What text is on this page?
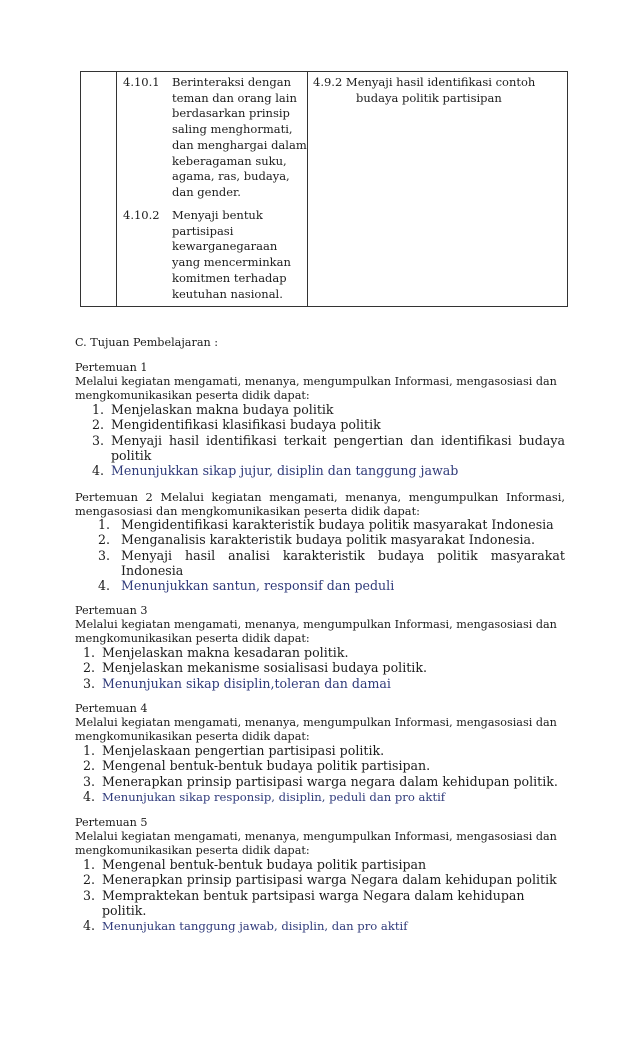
4.10.1 Berinteraksi dengan teman dan orang lain berdasarkan prinsip saling menghormati, dan menghargai dalam keberagaman suku, agama, ras, budaya, dan gender.
4.10.2 Menyaji bentuk partisipasi kewarganegaraan yang mencerminkan komitmen terhadap keutuhan nasional.
4.9.2 Menyaji hasil identifikasi contoh
budaya politik partisipan
C. Tujuan Pembelajaran :
Pertemuan 1
Melalui kegiatan mengamati, menanya, mengumpulkan Informasi, mengasosiasi dan mengkomunikasikan peserta didik dapat:
1. Menjelaskan makna budaya politik
2. Mengidentifikasi klasifikasi budaya politik
3. Menyaji hasil identifikasi terkait pengertian dan identifikasi budaya politik
4. Menunjukkan sikap jujur, disiplin dan tanggung jawab
Pertemuan 2 Melalui kegiatan mengamati, menanya, mengumpulkan Informasi, mengasosiasi dan mengkomunikasikan peserta didik dapat:
1. Mengidentifikasi karakteristik budaya politik masyarakat Indonesia
2. Menganalisis karakteristik budaya politik masyarakat Indonesia.
3. Menyaji hasil analisi karakteristik budaya politik masyarakat Indonesia
4. Menunjukkan santun, responsif dan peduli
Pertemuan 3
Melalui kegiatan mengamati, menanya, mengumpulkan Informasi, mengasosiasi dan mengkomunikasikan peserta didik dapat:
1. Menjelaskan makna kesadaran politik.
2. Menjelaskan mekanisme sosialisasi budaya politik.
3. Menunjukan sikap disiplin,toleran dan damai
Pertemuan 4
Melalui kegiatan mengamati, menanya, mengumpulkan Informasi, mengasosiasi dan mengkomunikasikan peserta didik dapat:
1. Menjelaskaan pengertian partisipasi politik.
2. Mengenal bentuk-bentuk budaya politik partisipan.
3. Menerapkan prinsip partisipasi warga negara dalam kehidupan politik.
4. Menunjukan sikap responsip, disiplin, peduli dan pro aktif
Pertemuan 5
Melalui kegiatan mengamati, menanya, mengumpulkan Informasi, mengasosiasi dan mengkomunikasikan peserta didik dapat:
1. Mengenal bentuk-bentuk budaya politik partisipan
2. Menerapkan prinsip partisipasi warga Negara dalam kehidupan politik
3. Mempraktekan bentuk partsipasi warga Negara dalam kehidupan politik.
4. Menunjukan tanggung jawab, disiplin, dan pro aktif
